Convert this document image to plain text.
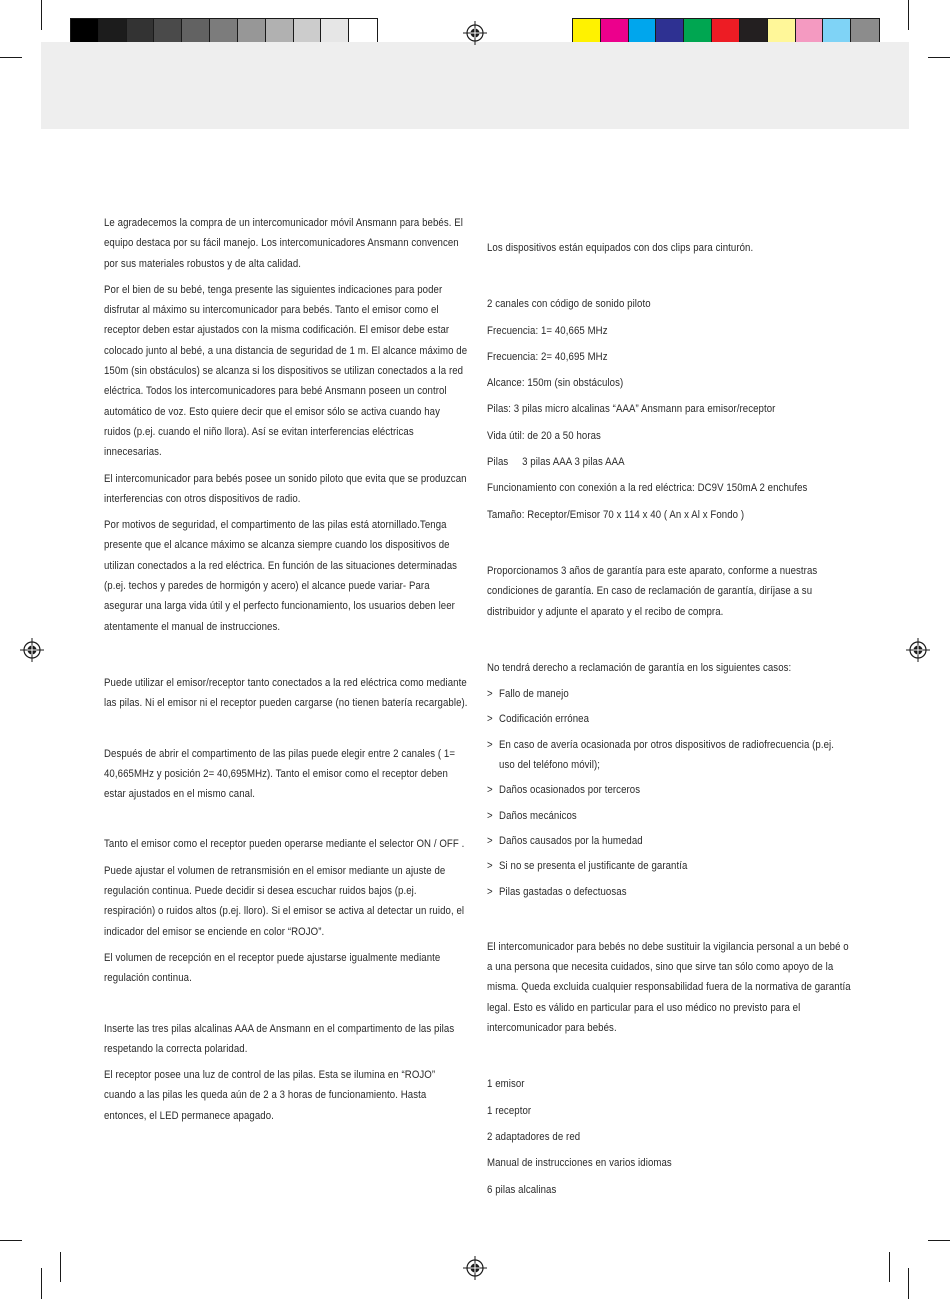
Le agradecemos la compra de un intercomunicador móvil Ansmann para bebés. El equipo destaca por su fácil manejo. Los intercomunicadores Ansmann convencen por sus materiales robustos y de alta calidad.

Por el bien de su bebé, tenga presente las siguientes indicaciones para poder disfrutar al máximo su intercomunicador para bebés. Tanto el emisor como el receptor deben estar ajustados con la misma codificación. El emisor debe estar colocado junto al bebé, a una distancia de seguridad de 1 m. El alcance máximo de 150m (sin obstáculos) se alcanza si los dispositivos se utilizan conectados a la red eléctrica. Todos los intercomunicadores para bebé Ansmann poseen un control automático de voz. Esto quiere decir que el emisor sólo se activa cuando hay ruidos (p.ej. cuando el niño llora). Así se evitan interferencias eléctricas innecesarias.

El intercomunicador para bebés posee un sonido piloto que evita que se produzcan interferencias con otros dispositivos de radio.

Por motivos de seguridad, el compartimento de las pilas está atornillado.Tenga presente que el alcance máximo se alcanza siempre cuando los dispositivos de utilizan conectados a la red eléctrica. En función de las situaciones determinadas (p.ej. techos y paredes de hormigón y acero) el alcance puede variar- Para asegurar una larga vida útil y el perfecto funcionamiento, los usuarios deben leer atentamente el manual de instrucciones.

Puede utilizar el emisor/receptor tanto conectados a la red eléctrica como mediante las pilas. Ni el emisor ni el receptor pueden cargarse (no tienen batería recargable).

Después de abrir el compartimento de las pilas puede elegir entre 2 canales ( 1= 40,665MHz y posición 2= 40,695MHz). Tanto el emisor como el receptor deben estar ajustados en el mismo canal.

Tanto el emisor como el receptor pueden operarse mediante el selector ON / OFF .

Puede ajustar el volumen de retransmisión en el emisor mediante un ajuste de regulación continua. Puede decidir si desea escuchar ruidos bajos (p.ej. respiración) o ruidos altos (p.ej. lloro). Si el emisor se activa al detectar un ruido, el indicador del emisor se enciende en color “ROJO”.

El volumen de recepción en el receptor puede ajustarse igualmente mediante regulación continua.

Inserte las tres pilas alcalinas AAA de Ansmann en el compartimento de las pilas respetando la correcta polaridad.

El receptor posee una luz de control de las pilas. Esta se ilumina en “ROJO” cuando a las pilas les queda aún de 2 a 3 horas de funcionamiento. Hasta entonces, el LED permanece apagado.

Los dispositivos están equipados con dos clips para cinturón.

2 canales con código de sonido piloto

Frecuencia: 1= 40,665 MHz

Frecuencia: 2= 40,695 MHz

Alcance: 150m (sin obstáculos)

Pilas: 3 pilas micro alcalinas “AAA” Ansmann para emisor/receptor

Vida útil: de 20 a 50 horas

Pilas     3 pilas AAA 3 pilas AAA

Funcionamiento con conexión a la red eléctrica: DC9V 150mA 2 enchufes

Tamaño: Receptor/Emisor 70 x 114 x 40 ( An x Al x Fondo )

Proporcionamos 3 años de garantía para este aparato, conforme a nuestras condiciones de garantía. En caso de reclamación de garantía, diríjase a su distribuidor y adjunte el aparato y el recibo de compra.

No tendrá derecho a reclamación de garantía en los siguientes casos:

> Fallo de manejo
> Codificación errónea
> En caso de avería ocasionada por otros dispositivos de radiofrecuencia (p.ej. uso del teléfono móvil);
> Daños ocasionados por terceros
> Daños mecánicos
> Daños causados por la humedad
> Si no se presenta el justificante de garantía
> Pilas gastadas o defectuosas

El intercomunicador para bebés no debe sustituir la vigilancia personal a un bebé o a una persona que necesita cuidados, sino que sirve tan sólo como apoyo de la misma. Queda excluida cualquier responsabilidad fuera de la normativa de garantía legal. Esto es válido en particular para el uso médico no previsto para el intercomunicador para bebés.

1 emisor

1 receptor

2 adaptadores de red

Manual de instrucciones en varios idiomas

6 pilas alcalinas
